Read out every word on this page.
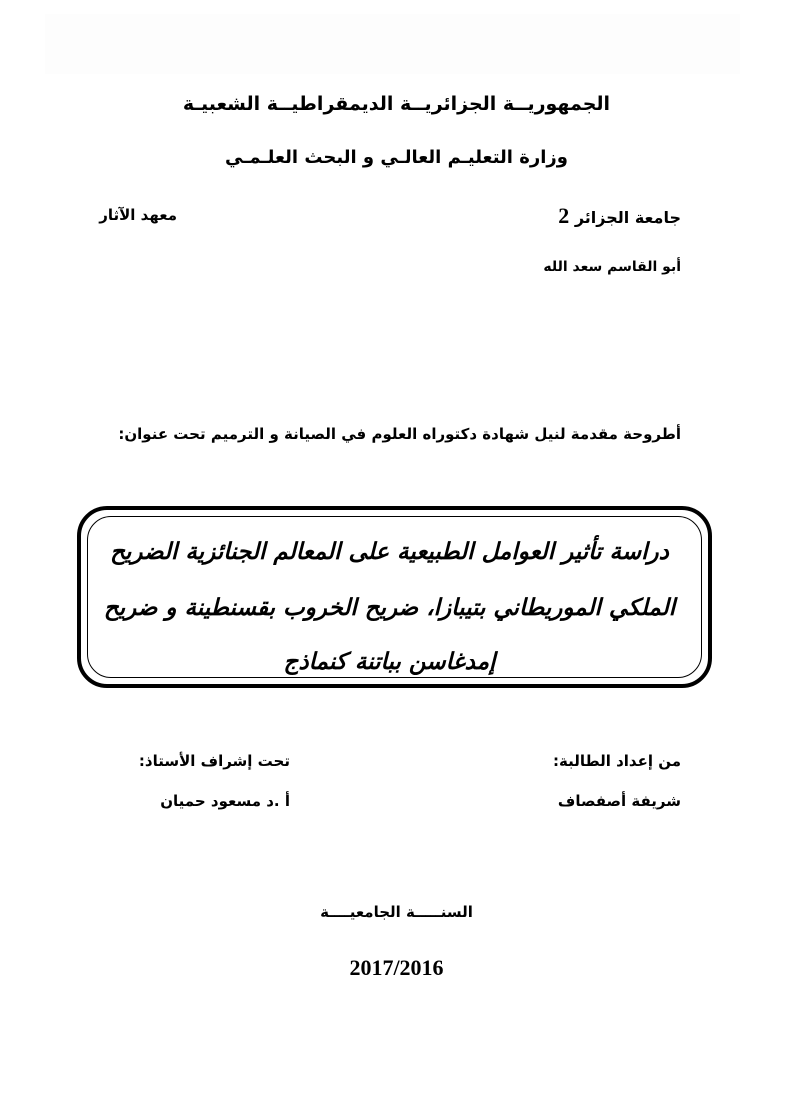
الجمهوريــة الجزائريــة الديمقراطيــة الشعبيـة
وزارة التعليـم العالـي و البحث العلـمـي
جامعة الجزائر 2
معهد الآثار
أبو القاسم سعد الله
أطروحة مقدمة لنيل شهادة دكتوراه العلوم في الصيانة و الترميم تحت عنوان:
دراسة تأثير العوامل الطبيعية على المعالم الجنائزية الضريح
الملكي الموريطاني بتيبازا، ضريح الخروب بقسنطينة و ضريح
إمدغاسن بباتنة كنماذج
من إعداد الطالبة:
تحت إشراف الأستاذ:
شريفة أصفصاف
أ .د مسعود حميان
السنـــــة الجامعيــــة
2017/2016
